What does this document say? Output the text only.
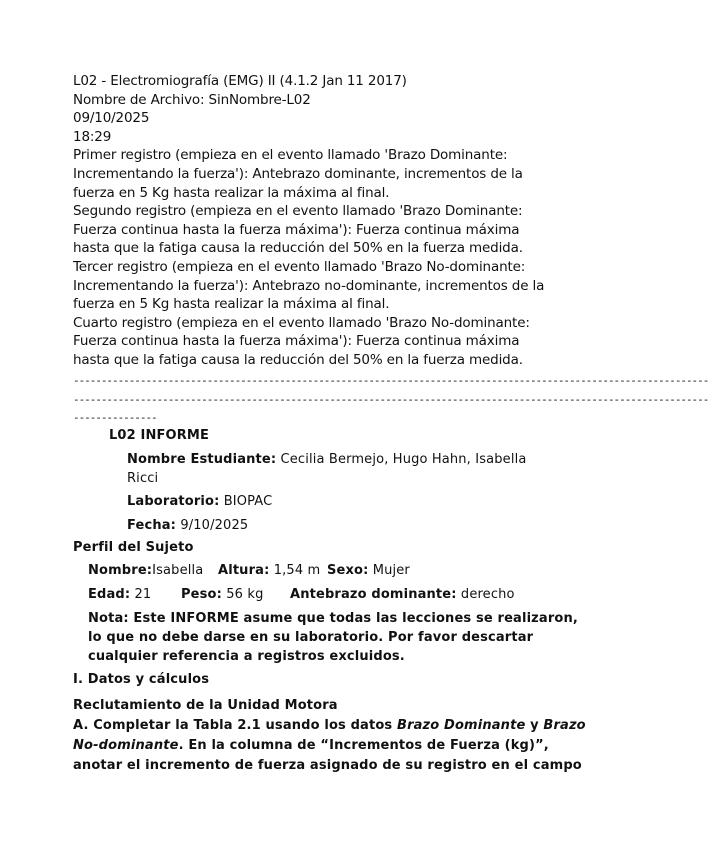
L02 - Electromiografía (EMG) II (4.1.2 Jan 11 2017)
Nombre de Archivo: SinNombre-L02
09/10/2025
18:29
Primer registro (empieza en el evento llamado 'Brazo Dominante:
Incrementando la fuerza'): Antebrazo dominante, incrementos de la
fuerza en 5 Kg hasta realizar la máxima al final.
Segundo registro (empieza en el evento llamado 'Brazo Dominante:
Fuerza continua hasta la fuerza máxima'): Fuerza continua máxima
hasta que la fatiga causa la reducción del 50% en la fuerza medida.
Tercer registro (empieza en el evento llamado 'Brazo No-dominante:
Incrementando la fuerza'): Antebrazo no-dominante, incrementos de la
fuerza en 5 Kg hasta realizar la máxima al final.
Cuarto registro (empieza en el evento llamado 'Brazo No-dominante:
Fuerza continua hasta la fuerza máxima'): Fuerza continua máxima
hasta que la fatiga causa la reducción del 50% en la fuerza medida.
------------------------------------------------------------------------------------------------------------------
------------------------------------------------------------------------------------------------------------------
---------------
L02 INFORME
Nombre Estudiante: Cecilia Bermejo, Hugo Hahn, Isabella
Ricci
Laboratorio: BIOPAC
Fecha: 9/10/2025
Perfil del Sujeto
Nombre:Isabella Altura: 1,54 m Sexo: Mujer
Edad: 21 Peso: 56 kg Antebrazo dominante: derecho
Nota: Este INFORME asume que todas las lecciones se realizaron,
lo que no debe darse en su laboratorio. Por favor descartar
cualquier referencia a registros excluidos.
I. Datos y cálculos
Reclutamiento de la Unidad Motora
A. Completar la Tabla 2.1 usando los datos Brazo Dominante y Brazo
No-dominante. En la columna de “Incrementos de Fuerza (kg)”,
anotar el incremento de fuerza asignado de su registro en el campo
